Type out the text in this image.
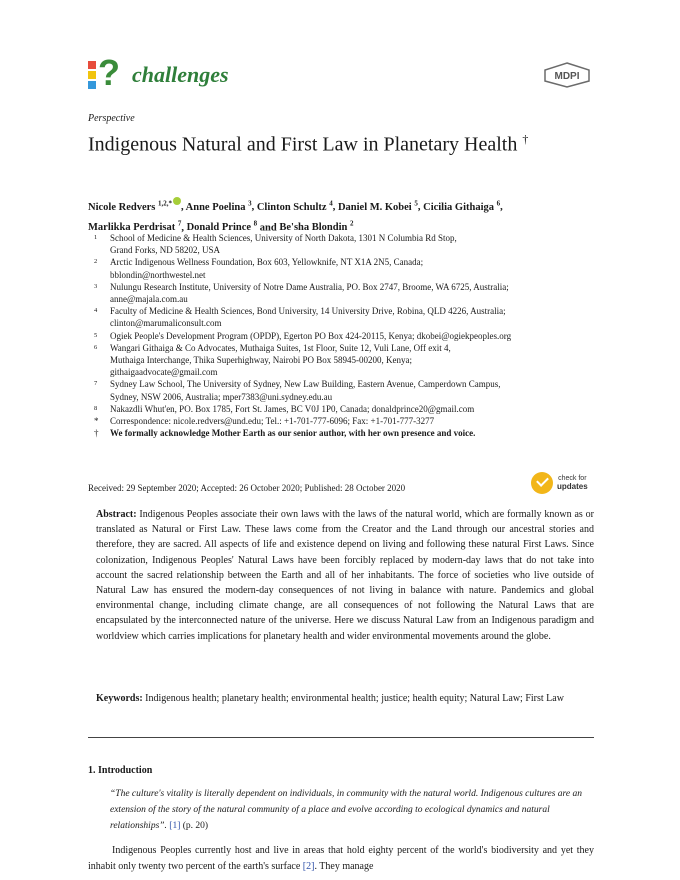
? challenges	MDPI
Perspective
Indigenous Natural and First Law in Planetary Health †
Nicole Redvers $^{1,2,*}$ , Anne Poelina $^3$, Clinton Schultz $^4$, Daniel M. Kobei $^5$, Cicilia Githaiga $^6$,
Marlikka Perdrisat $^7$, Donald Prince $^8$ and Be'sha Blondin $^2$
1	School of Medicine & Health Sciences, University of North Dakota, 1301 N Columbia Rd Stop,
Grand Forks, ND 58202, USA
2	Arctic Indigenous Wellness Foundation, Box 603, Yellowknife, NT X1A 2N5, Canada;
bblondin@northwestel.net
3	Nulungu Research Institute, University of Notre Dame Australia, PO. Box 2747, Broome, WA 6725, Australia;
anne@majala.com.au
4	Faculty of Medicine & Health Sciences, Bond University, 14 University Drive, Robina, QLD 4226, Australia;
clinton@marumaliconsult.com
5	Ogiek People's Development Program (OPDP), Egerton PO Box 424-20115, Kenya; dkobei@ogiekpeoples.org
6	Wangari Githaiga & Co Advocates, Muthaiga Suites, 1st Floor, Suite 12, Vuli Lane, Off exit 4,
Muthaiga Interchange, Thika Superhighway, Nairobi PO Box 58945-00200, Kenya;
githaigaadvocate@gmail.com
7	Sydney Law School, The University of Sydney, New Law Building, Eastern Avenue, Camperdown Campus,
Sydney, NSW 2006, Australia; mper7383@uni.sydney.edu.au
8	Nakazdli Whut'en, PO. Box 1785, Fort St. James, BC V0J 1P0, Canada; donaldprince20@gmail.com
*	Correspondence: nicole.redvers@und.edu; Tel.: +1-701-777-6096; Fax: +1-701-777-3277
†	We formally acknowledge Mother Earth as our senior author, with her own presence and voice.
Received: 29 September 2020; Accepted: 26 October 2020; Published: 28 October 2020
check for
updates
Abstract: Indigenous Peoples associate their own laws with the laws of the natural world, which are formally known as or translated as Natural or First Law. These laws come from the Creator and the Land through our ancestral stories and therefore, they are sacred. All aspects of life and existence depend on living and following these natural First Laws. Since colonization, Indigenous Peoples' Natural Laws have been forcibly replaced by modern-day laws that do not take into account the sacred relationship between the Earth and all of her inhabitants. The force of societies who live outside of Natural Law has ensured the modern-day consequences of not living in balance with nature. Pandemics and global environmental change, including climate change, are all consequences of not following the Natural Laws that are encapsulated by the interconnected nature of the universe. Here we discuss Natural Law from an Indigenous paradigm and worldview which carries implications for planetary health and wider environmental movements around the globe.
Keywords: Indigenous health; planetary health; environmental health; justice; health equity; Natural Law; First Law
1. Introduction
“The culture's vitality is literally dependent on individuals, in community with the natural world. Indigenous cultures are an extension of the story of the natural community of a place and evolve according to ecological dynamics and natural relationships”. [1] (p. 20)
Indigenous Peoples currently host and live in areas that hold eighty percent of the world's biodiversity and yet they inhabit only twenty two percent of the earth's surface [2]. They manage
